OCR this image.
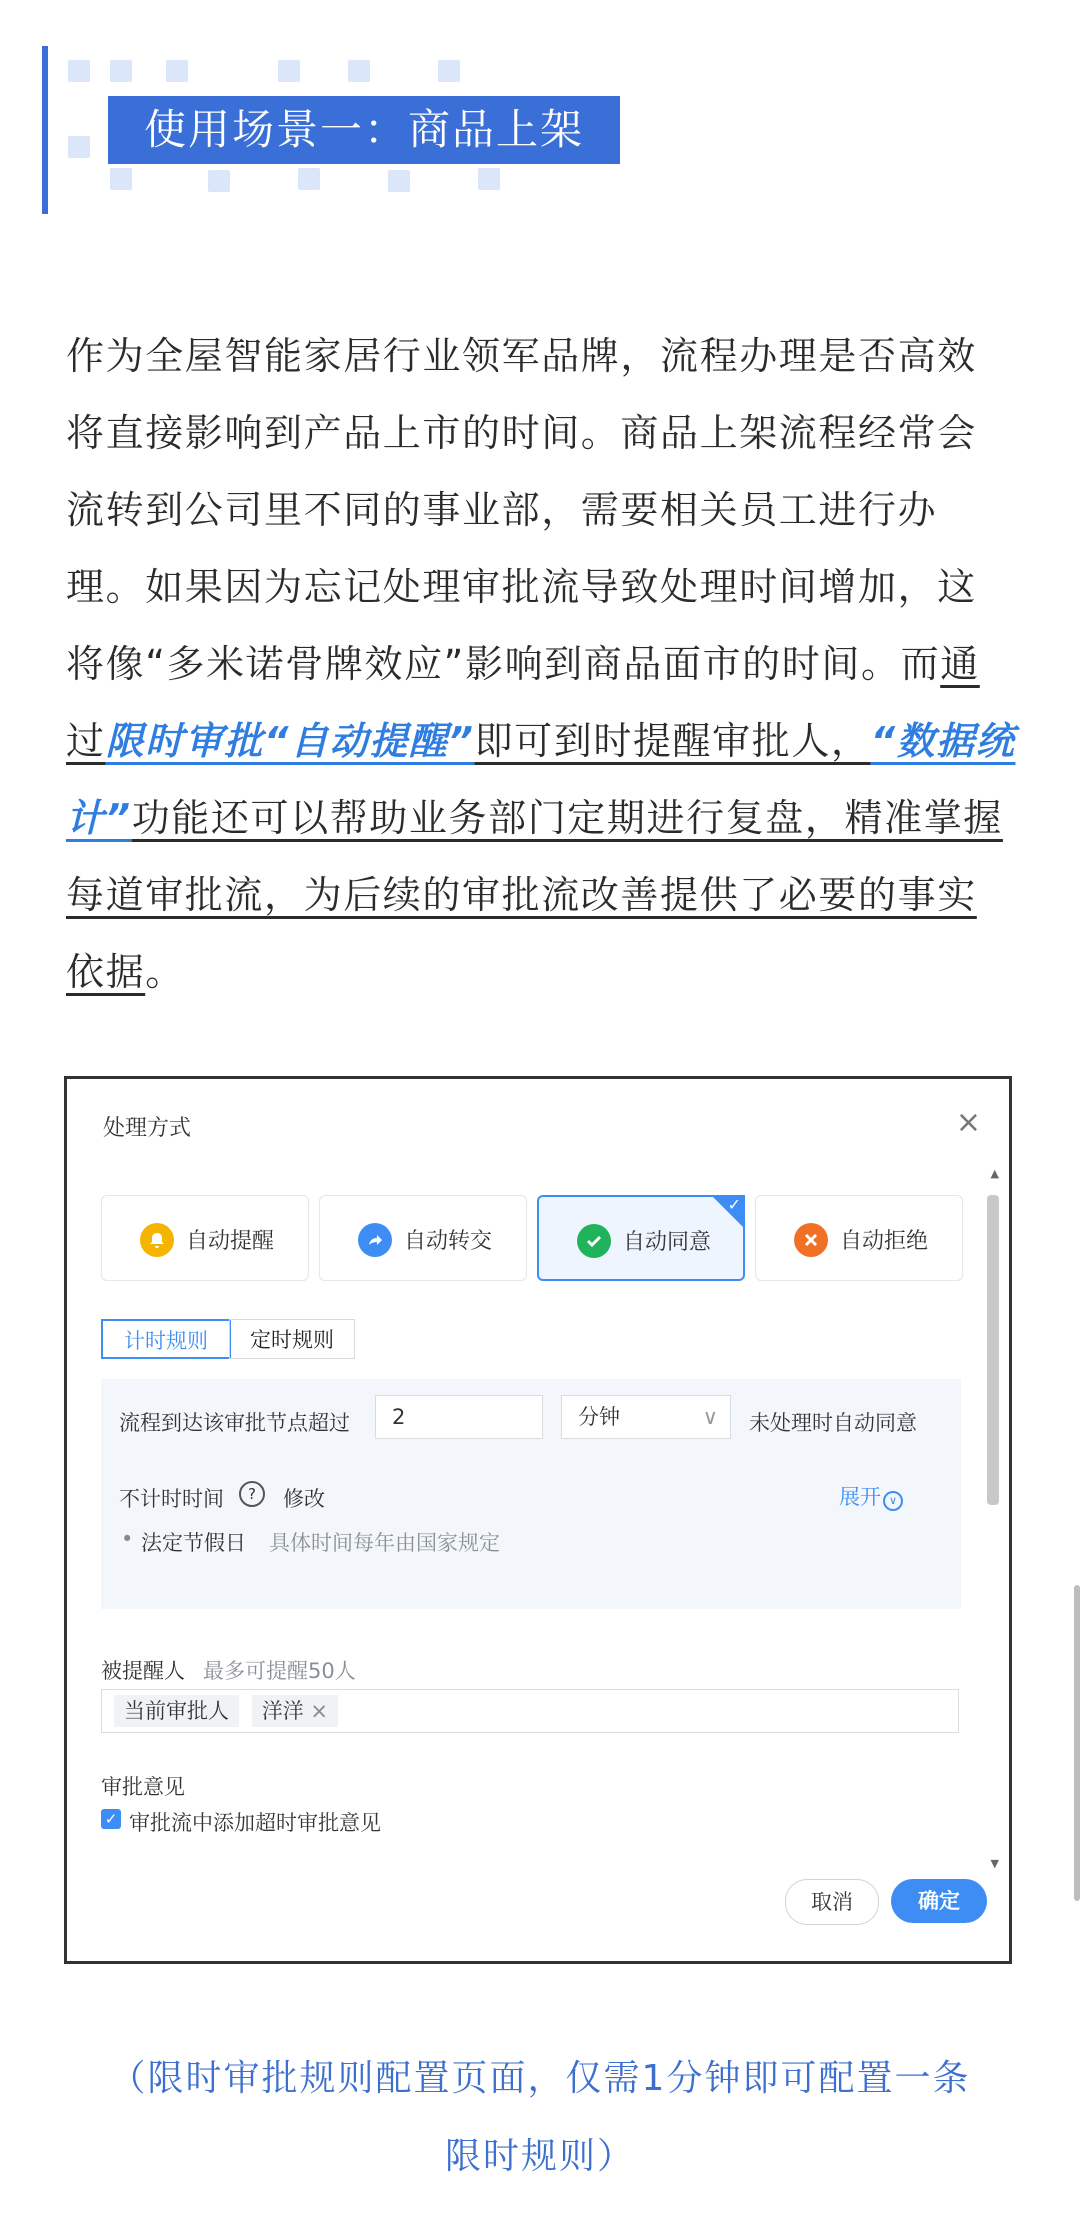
使用场景一：商品上架
作为全屋智能家居行业领军品牌，流程办理是否高效将直接影响到产品上市的时间。商品上架流程经常会流转到公司里不同的事业部，需要相关员工进行办理。如果因为忘记处理审批流导致处理时间增加，这将像“多米诺骨牌效应”影响到商品面市的时间。而通过限时审批“自动提醒”即可到时提醒审批人，“数据统计”功能还可以帮助业务部门定期进行复盘，精准掌握每道审批流，为后续的审批流改善提供了必要的事实依据。
处理方式	×
自动提醒	自动转交	自动同意
✓
自动拒绝
计时规则	定时规则
流程到达该审批节点超过	2	分钟	∨ 未处理时自动同意
不计时时间	?	修改	展开 ∨
• 法定节假日 具体时间每年由国家规定
被提醒人 最多可提醒50人
当前审批人 洋洋 ×
审批意见
✓ 审批流中添加超时审批意见
▲
▼
取消	确定
（限时审批规则配置页面，仅需1分钟即可配置一条
限时规则）
